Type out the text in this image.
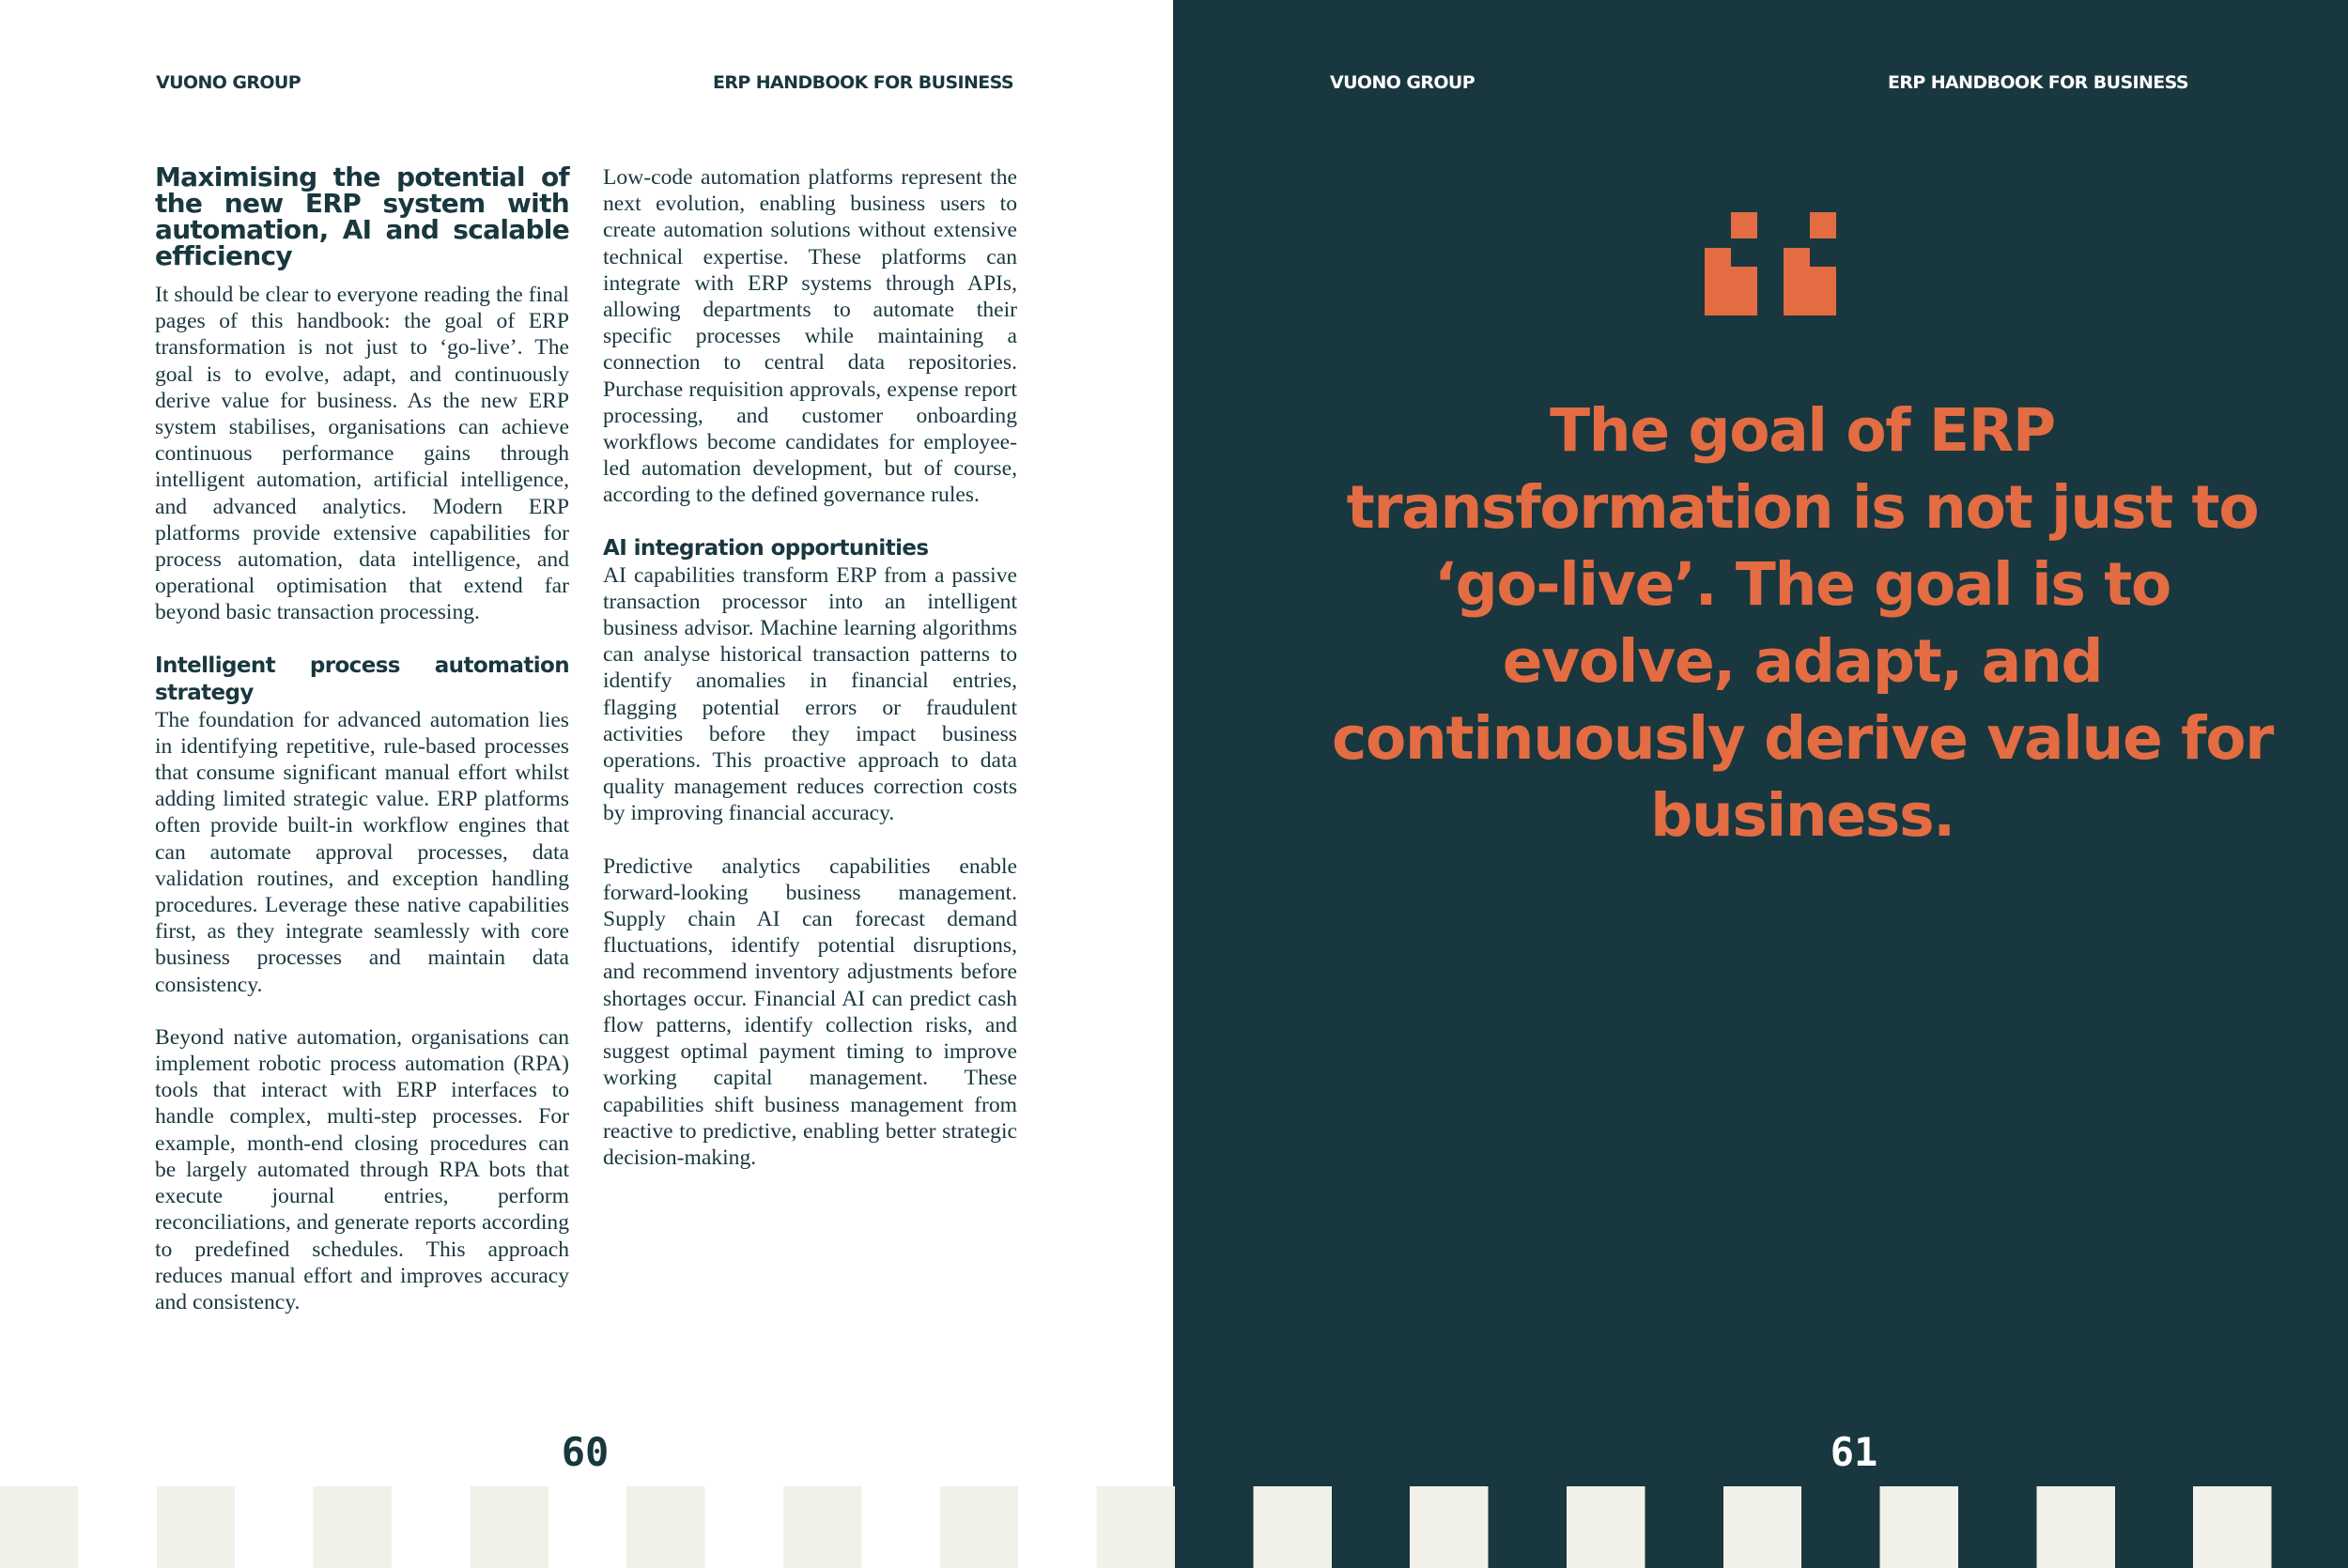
VUONO GROUP	ERP HANDBOOK FOR BUSINESS
Maximising the potential of the new ERP system with automation, AI and scalable efficiency

It should be clear to everyone reading the final pages of this handbook: the goal of ERP transformation is not just to ‘go-live’. The goal is to evolve, adapt, and continuously derive value for business. As the new ERP system stabilises, organisations can achieve continuous performance gains through intelligent automation, artificial intelligence, and advanced analytics. Modern ERP platforms provide extensive capabilities for process automation, data intelligence, and operational optimisation that extend far beyond basic transaction processing.

Intelligent process automation strategy

The foundation for advanced automation lies in identifying repetitive, rule-based processes that consume significant manual effort whilst adding limited strategic value. ERP platforms often provide built-in workflow engines that can automate approval processes, data validation routines, and exception handling procedures. Leverage these native capabilities first, as they integrate seamlessly with core business processes and maintain data consistency.

Beyond native automation, organisations can implement robotic process automation (RPA) tools that interact with ERP interfaces to handle complex, multi-step processes. For example, month-end closing procedures can be largely automated through RPA bots that execute journal entries, perform reconciliations, and generate reports according to predefined schedules. This approach reduces manual effort and improves accuracy and consistency.

Low-code automation platforms represent the next evolution, enabling business users to create automation solutions without extensive technical expertise. These platforms can integrate with ERP systems through APIs, allowing departments to automate their specific processes while maintaining a connection to central data repositories. Purchase requisition approvals, expense report processing, and customer onboarding workflows become candidates for employee-led automation development, but of course, according to the defined governance rules.

AI integration opportunities

AI capabilities transform ERP from a passive transaction processor into an intelligent business advisor. Machine learning algorithms can analyse historical transaction patterns to identify anomalies in financial entries, flagging potential errors or fraudulent activities before they impact business operations. This proactive approach to data quality management reduces correction costs by improving financial accuracy.

Predictive analytics capabilities enable forward-looking business management. Supply chain AI can forecast demand fluctuations, identify potential disruptions, and recommend inventory adjustments before shortages occur. Financial AI can predict cash flow patterns, identify collection risks, and suggest optimal payment timing to improve working capital management. These capabilities shift business management from reactive to predictive, enabling better strategic decision-making.

60
VUONO GROUP	ERP HANDBOOK FOR BUSINESS

The goal of ERP transformation is not just to ‘go-live’. The goal is to evolve, adapt, and continuously derive value for business.

61
